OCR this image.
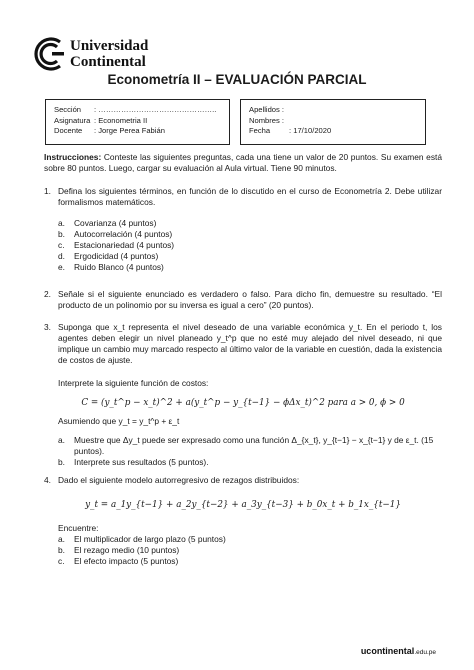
Universidad
Continental
Econometría II – EVALUACIÓN PARCIAL
Sección	: ………………………………………..
Asignatura : Econometria II
Docente	: Jorge Perea Fabián
Apellidos :
Nombres :
Fecha	: 17/10/2020
Instrucciones: Conteste las siguientes preguntas, cada una tiene un valor de 20 puntos. Su examen está sobre 80 puntos. Luego, cargar su evaluación al Aula virtual. Tiene 90 minutos.
1. Defina los siguientes términos, en función de lo discutido en el curso de Econometría 2. Debe utilizar formalismos matemáticos.
a. Covarianza (4 puntos)
b. Autocorrelación (4 puntos)
c. Estacionariedad (4 puntos)
d. Ergodicidad (4 puntos)
e. Ruido Blanco (4 puntos)
2. Señale si el siguiente enunciado es verdadero o falso. Para dicho fin, demuestre su resultado. “El producto de un polinomio por su inversa es igual a cero” (20 puntos).
3. Suponga que x_t representa el nivel deseado de una variable económica y_t. En el periodo t, los agentes deben elegir un nivel planeado y_t^p que no esté muy alejado del nivel deseado, ni que implique un cambio muy marcado respecto al último valor de la variable en cuestión, dada la existencia de costos de ajuste.
Interprete la siguiente función de costos:
C = (y_t^p − x_t)^2 + a(y_t^p − y_{t−1} − ϕΔx_t)^2 para a > 0, ϕ > 0
Asumiendo que y_t = y_t^p + ε_t
a. Muestre que Δy_t puede ser expresado como una función Δ_{x_t}, y_{t−1} − x_{t−1} y de ε_t. (15 puntos).
b. Interprete sus resultados (5 puntos).
4. Dado el siguiente modelo autorregresivo de rezagos distribuidos:
y_t = a_1y_{t−1} + a_2y_{t−2} + a_3y_{t−3} + b_0x_t + b_1x_{t−1}
Encuentre:
a. El multiplicador de largo plazo (5 puntos)
b. El rezago medio (10 puntos)
c. El efecto impacto (5 puntos)
ucontinental.edu.pe
